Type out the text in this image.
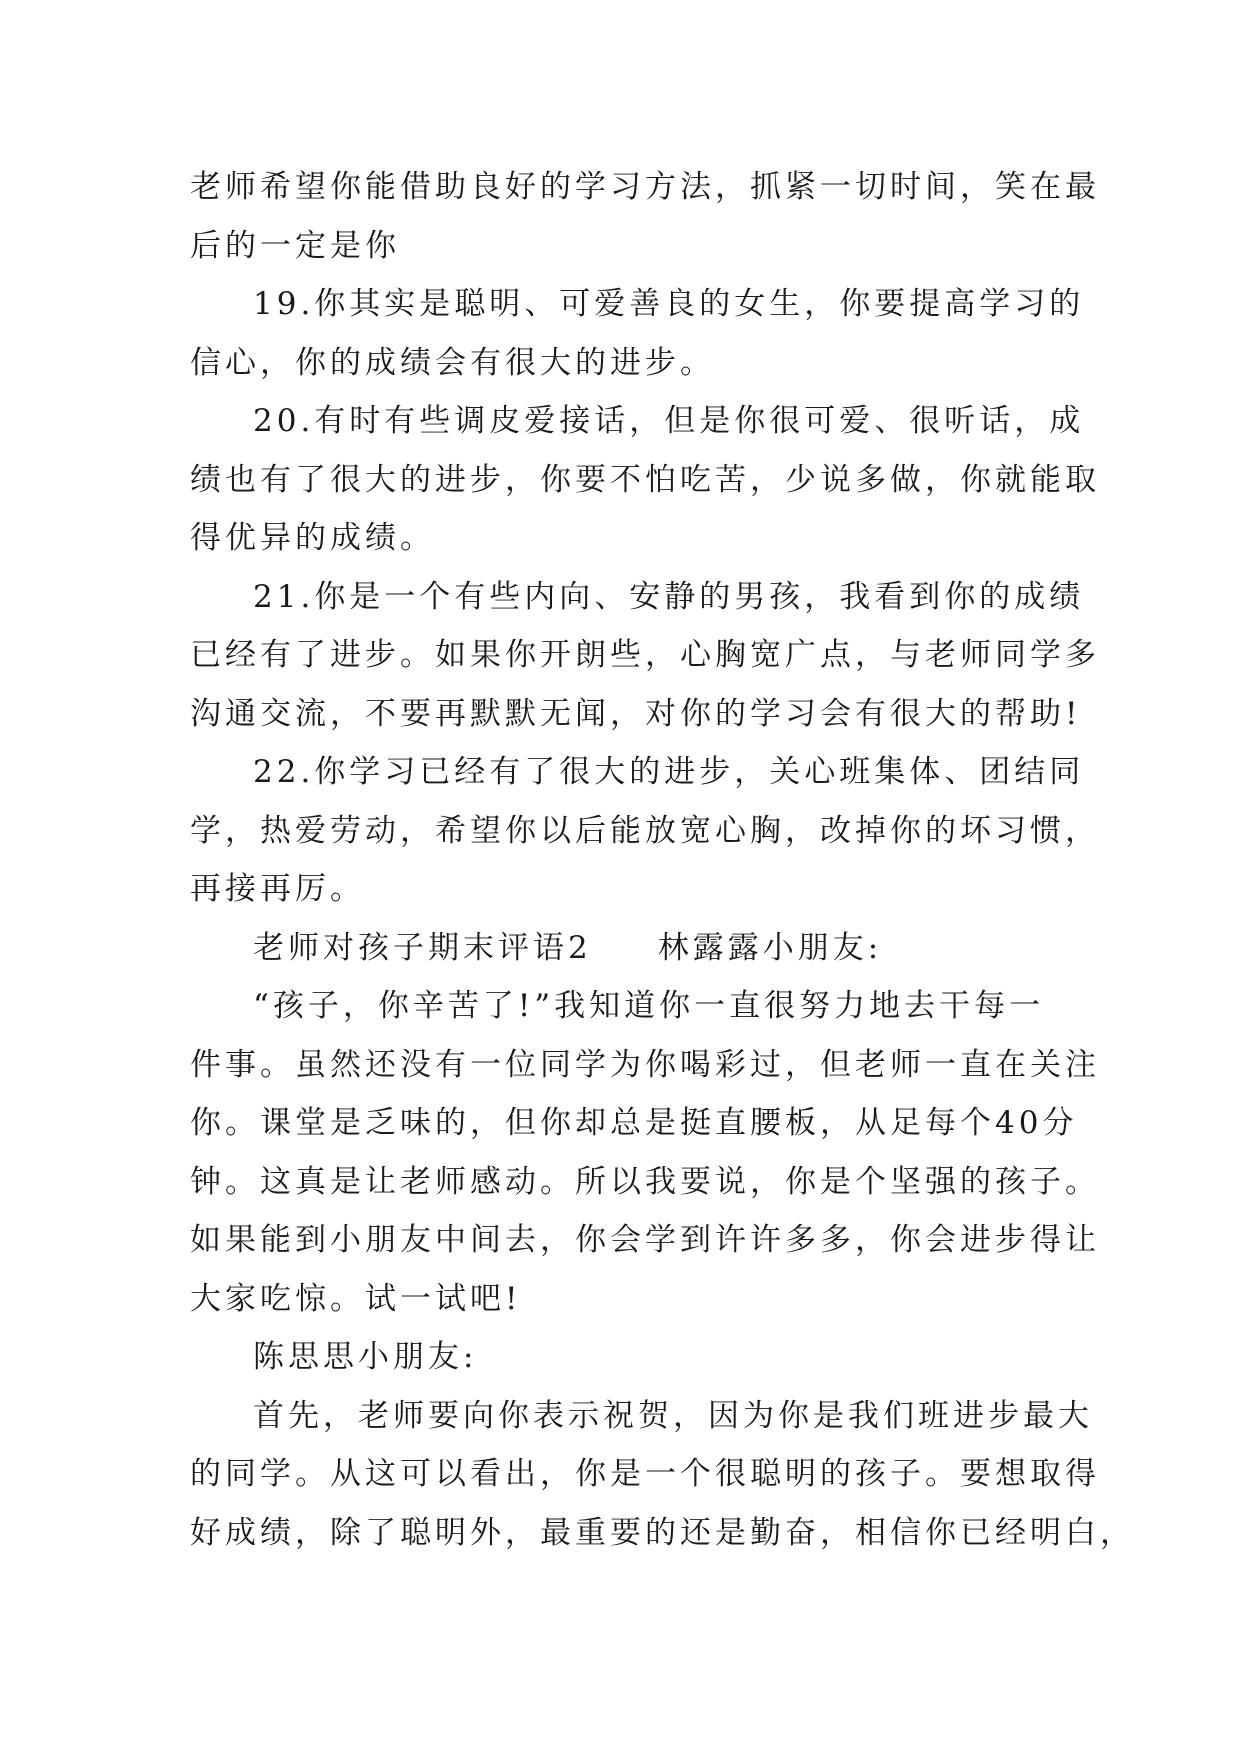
老师希望你能借助良好的学习方法，抓紧一切时间，笑在最
后的一定是你
19.你其实是聪明、可爱善良的女生，你要提高学习的
信心，你的成绩会有很大的进步。
20.有时有些调皮爱接话，但是你很可爱、很听话，成
绩也有了很大的进步，你要不怕吃苦，少说多做，你就能取
得优异的成绩。
21.你是一个有些内向、安静的男孩，我看到你的成绩
已经有了进步。如果你开朗些，心胸宽广点，与老师同学多
沟通交流，不要再默默无闻，对你的学习会有很大的帮助!
22.你学习已经有了很大的进步，关心班集体、团结同
学，热爱劳动，希望你以后能放宽心胸，改掉你的坏习惯，
再接再厉。
老师对孩子期末评语2 林露露小朋友:
“孩子，你辛苦了!”我知道你一直很努力地去干每一
件事。虽然还没有一位同学为你喝彩过，但老师一直在关注
你。课堂是乏味的，但你却总是挺直腰板，从足每个40分
钟。这真是让老师感动。所以我要说，你是个坚强的孩子。
如果能到小朋友中间去，你会学到许许多多，你会进步得让
大家吃惊。试一试吧!
陈思思小朋友:
首先，老师要向你表示祝贺，因为你是我们班进步最大
的同学。从这可以看出，你是一个很聪明的孩子。要想取得
好成绩，除了聪明外，最重要的还是勤奋，相信你已经明白，
